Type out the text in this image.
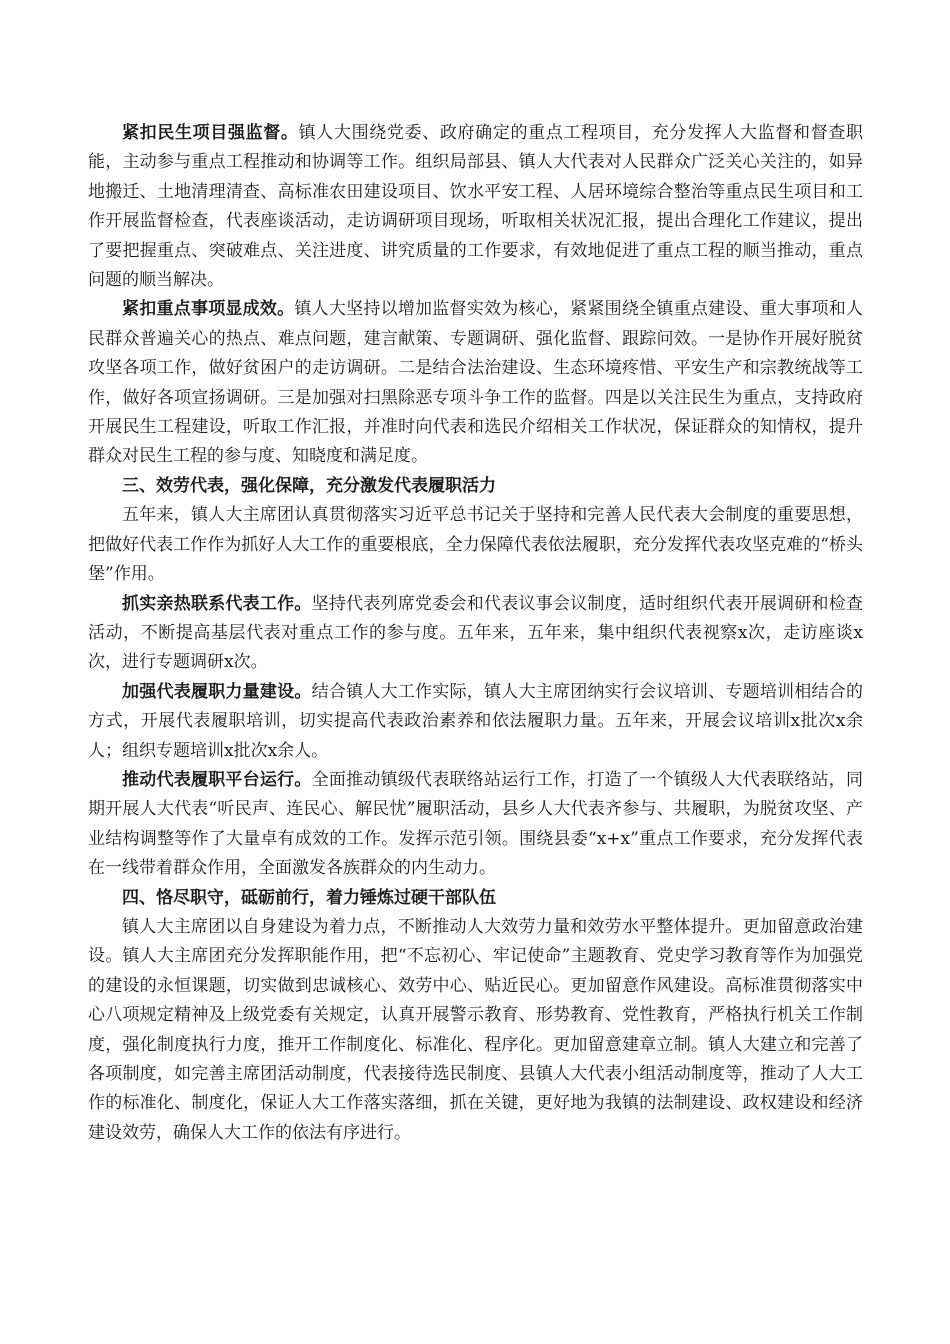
紧扣民生项目强监督。镇人大围绕党委、政府确定的重点工程项目，充分发挥人大监督和督查职能，主动参与重点工程推动和协调等工作。组织局部县、镇人大代表对人民群众广泛关心关注的，如异地搬迁、土地清理清查、高标准农田建设项目、饮水平安工程、人居环境综合整治等重点民生项目和工作开展监督检查，代表座谈活动，走访调研项目现场，听取相关状况汇报，提出合理化工作建议，提出了要把握重点、突破难点、关注进度、讲究质量的工作要求，有效地促进了重点工程的顺当推动，重点问题的顺当解决。

紧扣重点事项显成效。镇人大坚持以增加监督实效为核心，紧紧围绕全镇重点建设、重大事项和人民群众普遍关心的热点、难点问题，建言献策、专题调研、强化监督、跟踪问效。一是协作开展好脱贫攻坚各项工作，做好贫困户的走访调研。二是结合法治建设、生态环境疼惜、平安生产和宗教统战等工作，做好各项宣扬调研。三是加强对扫黑除恶专项斗争工作的监督。四是以关注民生为重点，支持政府开展民生工程建设，听取工作汇报，并准时向代表和选民介绍相关工作状况，保证群众的知情权，提升群众对民生工程的参与度、知晓度和满足度。

三、效劳代表，强化保障，充分激发代表履职活力

五年来，镇人大主席团认真贯彻落实习近平总书记关于坚持和完善人民代表大会制度的重要思想，把做好代表工作作为抓好人大工作的重要根底，全力保障代表依法履职，充分发挥代表攻坚克难的“桥头堡”作用。

抓实亲热联系代表工作。坚持代表列席党委会和代表议事会议制度，适时组织代表开展调研和检查活动，不断提高基层代表对重点工作的参与度。五年来，五年来，集中组织代表视察x次，走访座谈x次，进行专题调研x次。

加强代表履职力量建设。结合镇人大工作实际，镇人大主席团纳实行会议培训、专题培训相结合的方式，开展代表履职培训，切实提高代表政治素养和依法履职力量。五年来，开展会议培训x批次x余人；组织专题培训x批次x余人。

推动代表履职平台运行。全面推动镇级代表联络站运行工作，打造了一个镇级人大代表联络站，同期开展人大代表“听民声、连民心、解民忧”履职活动，县乡人大代表齐参与、共履职，为脱贫攻坚、产业结构调整等作了大量卓有成效的工作。发挥示范引领。围绕县委“x+x”重点工作要求，充分发挥代表在一线带着群众作用，全面激发各族群众的内生动力。

四、恪尽职守，砥砺前行，着力锤炼过硬干部队伍

镇人大主席团以自身建设为着力点，不断推动人大效劳力量和效劳水平整体提升。更加留意政治建设。镇人大主席团充分发挥职能作用，把“不忘初心、牢记使命”主题教育、党史学习教育等作为加强党的建设的永恒课题，切实做到忠诚核心、效劳中心、贴近民心。更加留意作风建设。高标准贯彻落实中心八项规定精神及上级党委有关规定，认真开展警示教育、形势教育、党性教育，严格执行机关工作制度，强化制度执行力度，推开工作制度化、标准化、程序化。更加留意建章立制。镇人大建立和完善了各项制度，如完善主席团活动制度，代表接待选民制度、县镇人大代表小组活动制度等，推动了人大工作的标准化、制度化，保证人大工作落实落细，抓在关键，更好地为我镇的法制建设、政权建设和经济建设效劳，确保人大工作的依法有序进行。
